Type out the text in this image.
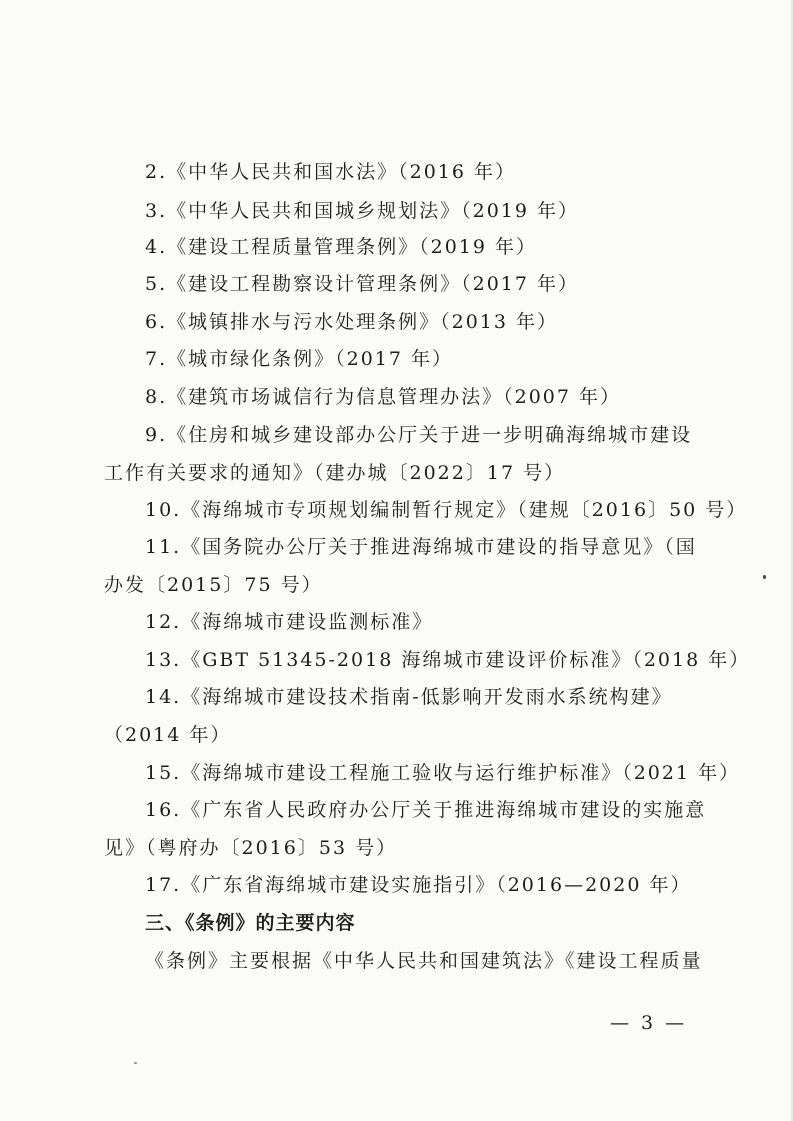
2.《中华人民共和国水法》（2016 年）
3.《中华人民共和国城乡规划法》（2019 年）
4.《建设工程质量管理条例》（2019 年）
5.《建设工程勘察设计管理条例》（2017 年）
6.《城镇排水与污水处理条例》（2013 年）
7.《城市绿化条例》（2017 年）
8.《建筑市场诚信行为信息管理办法》（2007 年）
9.《住房和城乡建设部办公厅关于进一步明确海绵城市建设
工作有关要求的通知》（建办城〔2022〕17 号）
10.《海绵城市专项规划编制暂行规定》（建规〔2016〕50 号）
11.《国务院办公厅关于推进海绵城市建设的指导意见》（国
办发〔2015〕75 号）
12.《海绵城市建设监测标准》
13.《GBT 51345-2018 海绵城市建设评价标准》（2018 年）
14.《海绵城市建设技术指南-低影响开发雨水系统构建》
（2014 年）
15.《海绵城市建设工程施工验收与运行维护标准》（2021 年）
16.《广东省人民政府办公厅关于推进海绵城市建设的实施意
见》（粤府办〔2016〕53 号）
17.《广东省海绵城市建设实施指引》（2016—2020 年）
三、《条例》的主要内容
《条例》主要根据《中华人民共和国建筑法》《建设工程质量
— 3 —
